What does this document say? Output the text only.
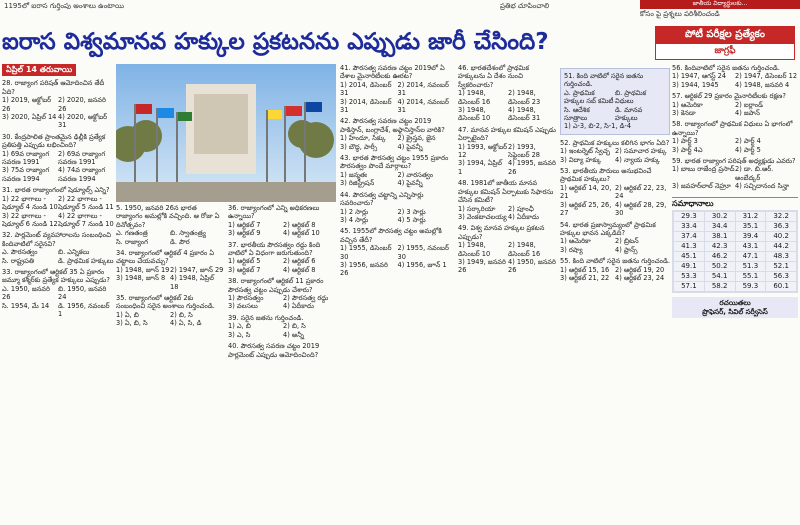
1195లో ఐరాస గుర్తింపు అంశాలు ఉంటాయి	ప్రతిభ చూపించాలి	జాతీయ విద్యార్థులకు...
కోసం పై ప్రశ్నలు పరిశీలించండి
ఐరాస విశ్వమానవ హక్కుల ప్రకటనను ఎప్పుడు జారీ చేసింది?	పోటీ పరీక్షల ప్రత్యేకం
జాగ్రఫీ
ఏప్రిల్ 14 తరువాయి
28. రాజ్యాంగ పరిషత్ ఆమోదించిన తేదీ ఏది?
1) 2019, అక్టోబర్ 26
2) 2020, జనవరి 26
3) 2020, ఏప్రిల్ 14 4) 2020, అక్టోబర్ 31
30. కేంద్రపాలిత ప్రాంతమైన ఢిల్లీకి ప్రత్యేక ప్రతిపత్తి ఎప్పుడు లభించింది?
1) 69వ రాజ్యాంగ సవరణ 1991
2) 69వ రాజ్యాంగ సవరణ 1991
3) 75వ రాజ్యాంగ సవరణ 1994
4) 74వ రాజ్యాంగ సవరణ 1994
31. భారత రాజ్యాంగంలో షెడ్యూల్స్ ఎన్ని?
1) 22 భాగాలు - షెడ్యూల్ 4 నుండి 10
2) 22 భాగాలు - షెడ్యూల్ 5 నుండి 11
3) 22 భాగాలు - షెడ్యూల్ 6 నుండి 12
4) 22 భాగాలు - షెడ్యూల్ 7 నుండి 10
32. పార్లమెంట్ వ్యవహారాలను సంబంధించి కిందివాటిలో సరైనవి?
ఎ. పౌరసత్వం	బి. ఎన్నికలు
సి. రాష్ట్రపతి	డి. ప్రాథమిక హక్కులు
33. రాజ్యాంగంలో ఆర్టికల్ 35 ఏ ప్రకారం జమ్మూ కశ్మీర్‌కు ప్రత్యేక హక్కులు ఎప్పుడు?
ఎ. 1950, జనవరి 26
బి. 1950, జనవరి 24
సి. 1954, మే 14	డి. 1956, నవంబర్ 1
5. 1950, జనవరి 26న భారత రాజ్యాంగం అమల్లోకి వచ్చింది. ఆ రోజు ఏ దినోత్సవం?
ఎ. గణతంత్ర	బి. స్వాతంత్ర్య
సి. రాజ్యాంగ	డి. పౌర
34. రాజ్యాంగంలో ఆర్టికల్ 4 ప్రకారం ఏ చట్టాలు చేయవచ్చు?
1) 1948, జూన్ 19 2) 1947, జూన్ 29
3) 1948, జూన్ 8 4) 1948, ఏప్రిల్ 18
35. రాజ్యాంగంలో ఆర్టికల్ 2కు సంబంధించి సరైన అంశాలు గుర్తించండి.
1) ఏ, బి	2) బి, సి
3) ఏ, బి, సి	4) ఏ, సి, డి
36. రాజ్యాంగంలో ఎన్ని అధికరణలు ఉన్నాయి?
1) ఆర్టికల్ 7	2) ఆర్టికల్ 8
3) ఆర్టికల్ 9	4) ఆర్టికల్ 10
37. భారతీయ పౌరసత్వం రద్దు కింది వాటిలో ఏ విధంగా జరుగుతుంది?
1) ఆర్టికల్ 5	2) ఆర్టికల్ 6
3) ఆర్టికల్ 7	4) ఆర్టికల్ 8
38. రాజ్యాంగంలో ఆర్టికల్ 11 ప్రకారం పౌరసత్వ చట్టం ఎప్పుడు చేశారు?
1) పౌరసత్వం	2) పౌరసత్వ రద్దు
3) వలసలు	4) ఏదీకాదు
39. సరైన జతను గుర్తించండి.
1) ఎ, బి	2) బి, సి
3) ఎ, సి	4) అన్నీ
40. పౌరసత్వ సవరణ చట్టం 2019 పార్లమెంట్ ఎప్పుడు ఆమోదించింది?
41. పౌరసత్వ సవరణ చట్టం 2019లో ఏ దేశాల మైనారిటీలకు ఊరట?
1) 2014, డిసెంబర్ 31
2) 2014, నవంబర్ 31
3) 2014, డిసెంబర్ 31
4) 2014, నవంబర్ 31
42. పౌరసత్వ సవరణ చట్టం 2019 పాకిస్తాన్, బంగ్లాదేశ్, అఫ్గానిస్తాన్‌ల వారికి?
1) హిందూ, సిక్కు	2) క్రైస్తవ, జైన
3) బౌద్ధ, పార్సీ	4) పైవన్నీ
43. భారత పౌరసత్వ చట్టం 1955 ప్రకారం పౌరసత్వం పొందే మార్గాలు?
1) జన్మతః	2) వారసత్వం
3) రిజిస్ట్రేషన్	4) పైవన్నీ
44. పౌరసత్వ చట్టాన్ని ఎన్నిసార్లు సవరించారు?
1) 2 సార్లు	2) 3 సార్లు
3) 4 సార్లు	4) 5 సార్లు
45. 1955లో పౌరసత్వ చట్టం అమల్లోకి వచ్చిన తేదీ?
1) 1955, డిసెంబర్ 30
2) 1955, నవంబర్ 30
3) 1956, జనవరి 26
4) 1956, జూన్ 1
46. భారతదేశంలో ప్రాథమిక హక్కులను ఏ దేశం నుంచి స్వీకరించారు?
1) 1948, డిసెంబర్ 16
2) 1948, డిసెంబర్ 23
3) 1948, డిసెంబర్ 10
4) 1948, డిసెంబర్ 31
47. మానవ హక్కుల కమిషన్ ఎప్పుడు ఏర్పాటైంది?
1) 1993, అక్టోబర్ 12
2) 1993, సెప్టెంబర్ 28
3) 1994, ఏప్రిల్ 1
4) 1995, జనవరి 26
48. 1981లో జాతీయ మానవ హక్కుల కమిషన్ ఏర్పాటుకు సిఫారసు చేసిన కమిటీ?
1) సర్కారియా	2) పూంఛీ
3) వెంకటాచలయ్య 4) ఏదీకాదు
49. విశ్వ మానవ హక్కుల ప్రకటన ఎప్పుడు?
1) 1948, డిసెంబర్ 10
2) 1948, డిసెంబర్ 16
3) 1949, జనవరి 26
4) 1950, జనవరి 26
51. కింది వాటిలో సరైన జతను గుర్తించండి.
ఎ. ప్రాథమిక హక్కుల సబ్ కమిటీ
బి. ప్రాథమిక విధులు
సి. ఆదేశిక సూత్రాలు
డి. మానవ హక్కులు
1) ఎ-3, బి-2, సి-1, డి-4
52. ప్రాథమిక హక్కులు కలిగిన భాగం ఏది?
1) ఇంటర్నెట్ స్వేచ్ఛ 2) సమాచార హక్కు
3) విద్యా హక్కు	4) న్యాయ హక్కు
53. భారతీయ పౌరులు అనుభవించే ప్రాథమిక హక్కులు?
1) ఆర్టికల్ 14, 20, 21
2) ఆర్టికల్ 22, 23, 24
3) ఆర్టికల్ 25, 26, 27
4) ఆర్టికల్ 28, 29, 30
54. భారత ప్రజాస్వామ్యంలో ప్రాథమిక హక్కుల భావన ఎక్కడిది?
1) ఆమెరికా	2) బ్రిటన్
3) రష్యా	4) ఫ్రాన్స్
55. కింది వాటిలో సరైన జతను గుర్తించండి.
1) ఆర్టికల్ 15, 16 2) ఆర్టికల్ 19, 20
3) ఆర్టికల్ 21, 22 4) ఆర్టికల్ 23, 24
56. కిందివాటిలో సరైన జతను గుర్తించండి.
1) 1947, ఆగస్ట్ 24	2) 1947, డిసెంబర్ 12
3) 1944, 1945	4) 1948, జనవరి 4
57. ఆర్టికల్ 29 ప్రకారం మైనారిటీలకు రక్షణ?
1) ఆమెరికా	2) ఐర్లాండ్
3) కెనడా	4) జపాన్
58. రాజ్యాంగంలో ప్రాథమిక విధులు ఏ భాగంలో ఉన్నాయి?
1) పార్ట్ 3	2) పార్ట్ 4
3) పార్ట్ 4ఎ	4) పార్ట్ 5
59. భారత రాజ్యాంగ పరిషత్ అధ్యక్షుడు ఎవరు?
1) బాబు రాజేంద్ర ప్రసాద్ 2) డా. బి.ఆర్. అంబేద్కర్
3) జవహర్‌లాల్ నెహ్రూ 4) సచ్చిదానంద సిన్హా
సమాధానాలు
29.3	30.2	31.2	32.2
33.4	34.4	35.1	36.3
37.4	38.1	39.4	40.2
41.3	42.3	43.1	44.2
45.1	46.2	47.1	48.3
49.1	50.2	51.3	52.1
53.3	54.1	55.1	56.3
57.1	58.2	59.3	60.1
రచయితలు
ప్రొఫెసర్, సివిల్ సర్వీసెస్
